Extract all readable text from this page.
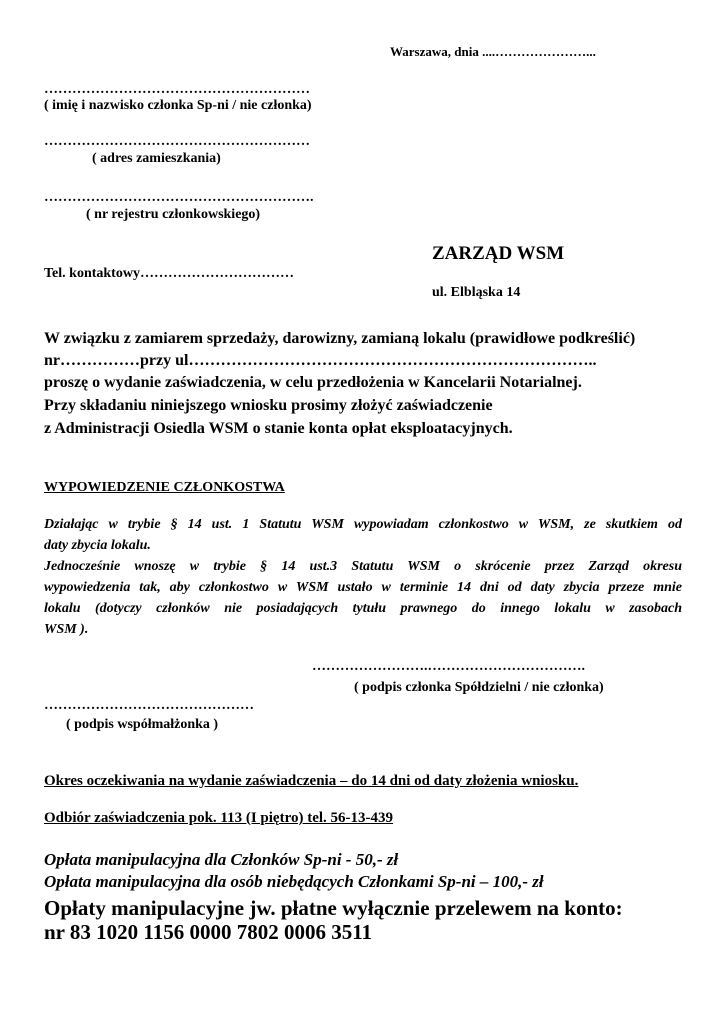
Warszawa, dnia ....…………………...
…………………………………………………
( imię i nazwisko członka Sp-ni / nie członka)
…………………………………………………
( adres zamieszkania)
………………………………………………….
( nr rejestru członkowskiego)
ZARZĄD WSM
Tel. kontaktowy……………………………
ul. Elbląska 14
W związku z zamiarem sprzedaży, darowizny, zamianą lokalu (prawidłowe podkreślić)
nr……………przy ul…………………………………………………………………..
proszę o wydanie zaświadczenia, w celu przedłożenia w Kancelarii Notarialnej.
Przy składaniu niniejszego wniosku prosimy złożyć zaświadczenie
z Administracji Osiedla WSM o stanie konta opłat eksploatacyjnych.
WYPOWIEDZENIE CZŁONKOSTWA
Działając w trybie § 14 ust. 1 Statutu WSM wypowiadam członkostwo w WSM, ze skutkiem od
daty zbycia lokalu.
Jednocześnie wnoszę w trybie § 14 ust.3 Statutu WSM o skrócenie przez Zarząd okresu
wypowiedzenia tak, aby członkostwo w WSM ustało w terminie 14 dni od daty zbycia przeze mnie
lokalu (dotyczy członków nie posiadających tytułu prawnego do innego lokalu w zasobach
WSM ).
…………………….…………………………….
( podpis członka Spółdzielni / nie członka)
………………………………………
( podpis współmałżonka )
Okres oczekiwania na wydanie zaświadczenia – do 14 dni od daty złożenia wniosku.
Odbiór zaświadczenia pok. 113 (I piętro) tel. 56-13-439
Opłata manipulacyjna dla Członków Sp-ni - 50,- zł
Opłata manipulacyjna dla osób niebędących Członkami Sp-ni – 100,- zł
Opłaty manipulacyjne jw. płatne wyłącznie przelewem na konto:
nr 83 1020 1156 0000 7802 0006 3511
